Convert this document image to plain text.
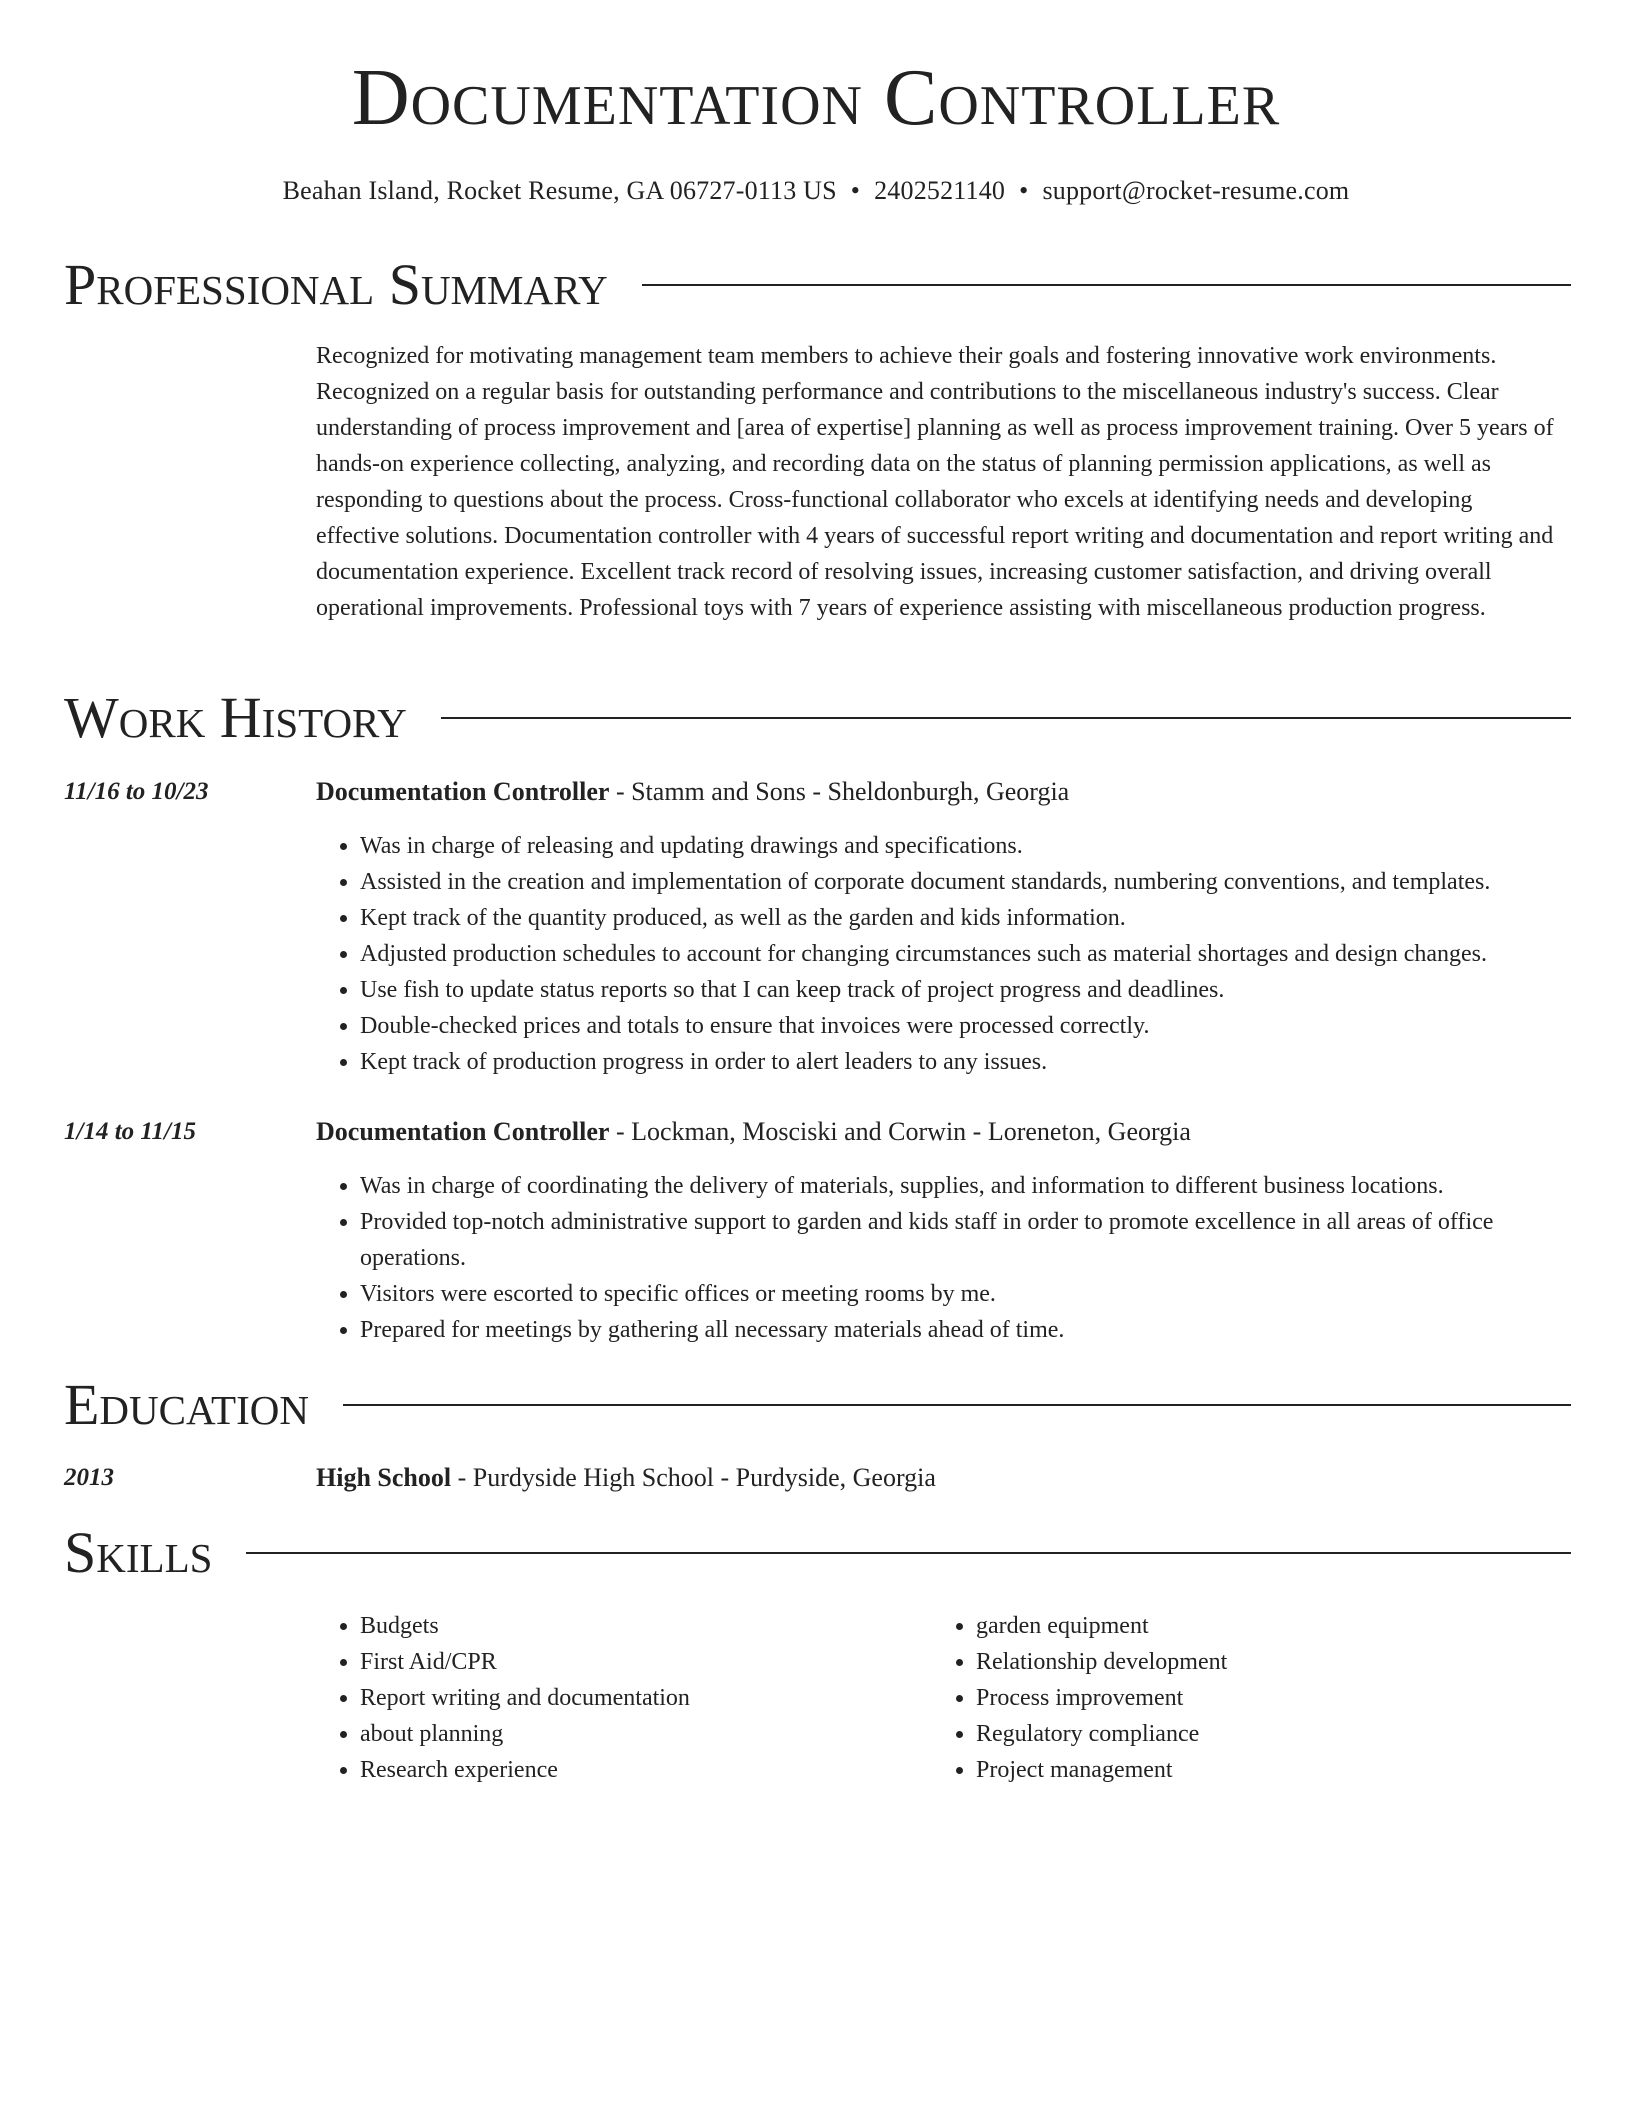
Documentation Controller
Beahan Island, Rocket Resume, GA 06727-0113 US • 2402521140 • support@rocket-resume.com
Professional Summary

Recognized for motivating management team members to achieve their goals and fostering innovative work environments. Recognized on a regular basis for outstanding performance and contributions to the miscellaneous industry's success. Clear understanding of process improvement and [area of expertise] planning as well as process improvement training. Over 5 years of hands-on experience collecting, analyzing, and recording data on the status of planning permission applications, as well as responding to questions about the process. Cross-functional collaborator who excels at identifying needs and developing effective solutions. Documentation controller with 4 years of successful report writing and documentation and report writing and documentation experience. Excellent track record of resolving issues, increasing customer satisfaction, and driving overall operational improvements. Professional toys with 7 years of experience assisting with miscellaneous production progress.

Work History
11/16 to 10/23	Documentation Controller - Stamm and Sons - Sheldonburgh, Georgia
• Was in charge of releasing and updating drawings and specifications.
• Assisted in the creation and implementation of corporate document standards, numbering conventions, and templates.
• Kept track of the quantity produced, as well as the garden and kids information.
• Adjusted production schedules to account for changing circumstances such as material shortages and design changes.
• Use fish to update status reports so that I can keep track of project progress and deadlines.
• Double-checked prices and totals to ensure that invoices were processed correctly.
• Kept track of production progress in order to alert leaders to any issues.
1/14 to 11/15	Documentation Controller - Lockman, Mosciski and Corwin - Loreneton, Georgia
• Was in charge of coordinating the delivery of materials, supplies, and information to different business locations.
• Provided top-notch administrative support to garden and kids staff in order to promote excellence in all areas of office operations.
• Visitors were escorted to specific offices or meeting rooms by me.
• Prepared for meetings by gathering all necessary materials ahead of time.
Education
2013	High School - Purdyside High School - Purdyside, Georgia
Skills
• Budgets
• First Aid/CPR
• Report writing and documentation
• about planning
• Research experience
• garden equipment
• Relationship development
• Process improvement
• Regulatory compliance
• Project management
